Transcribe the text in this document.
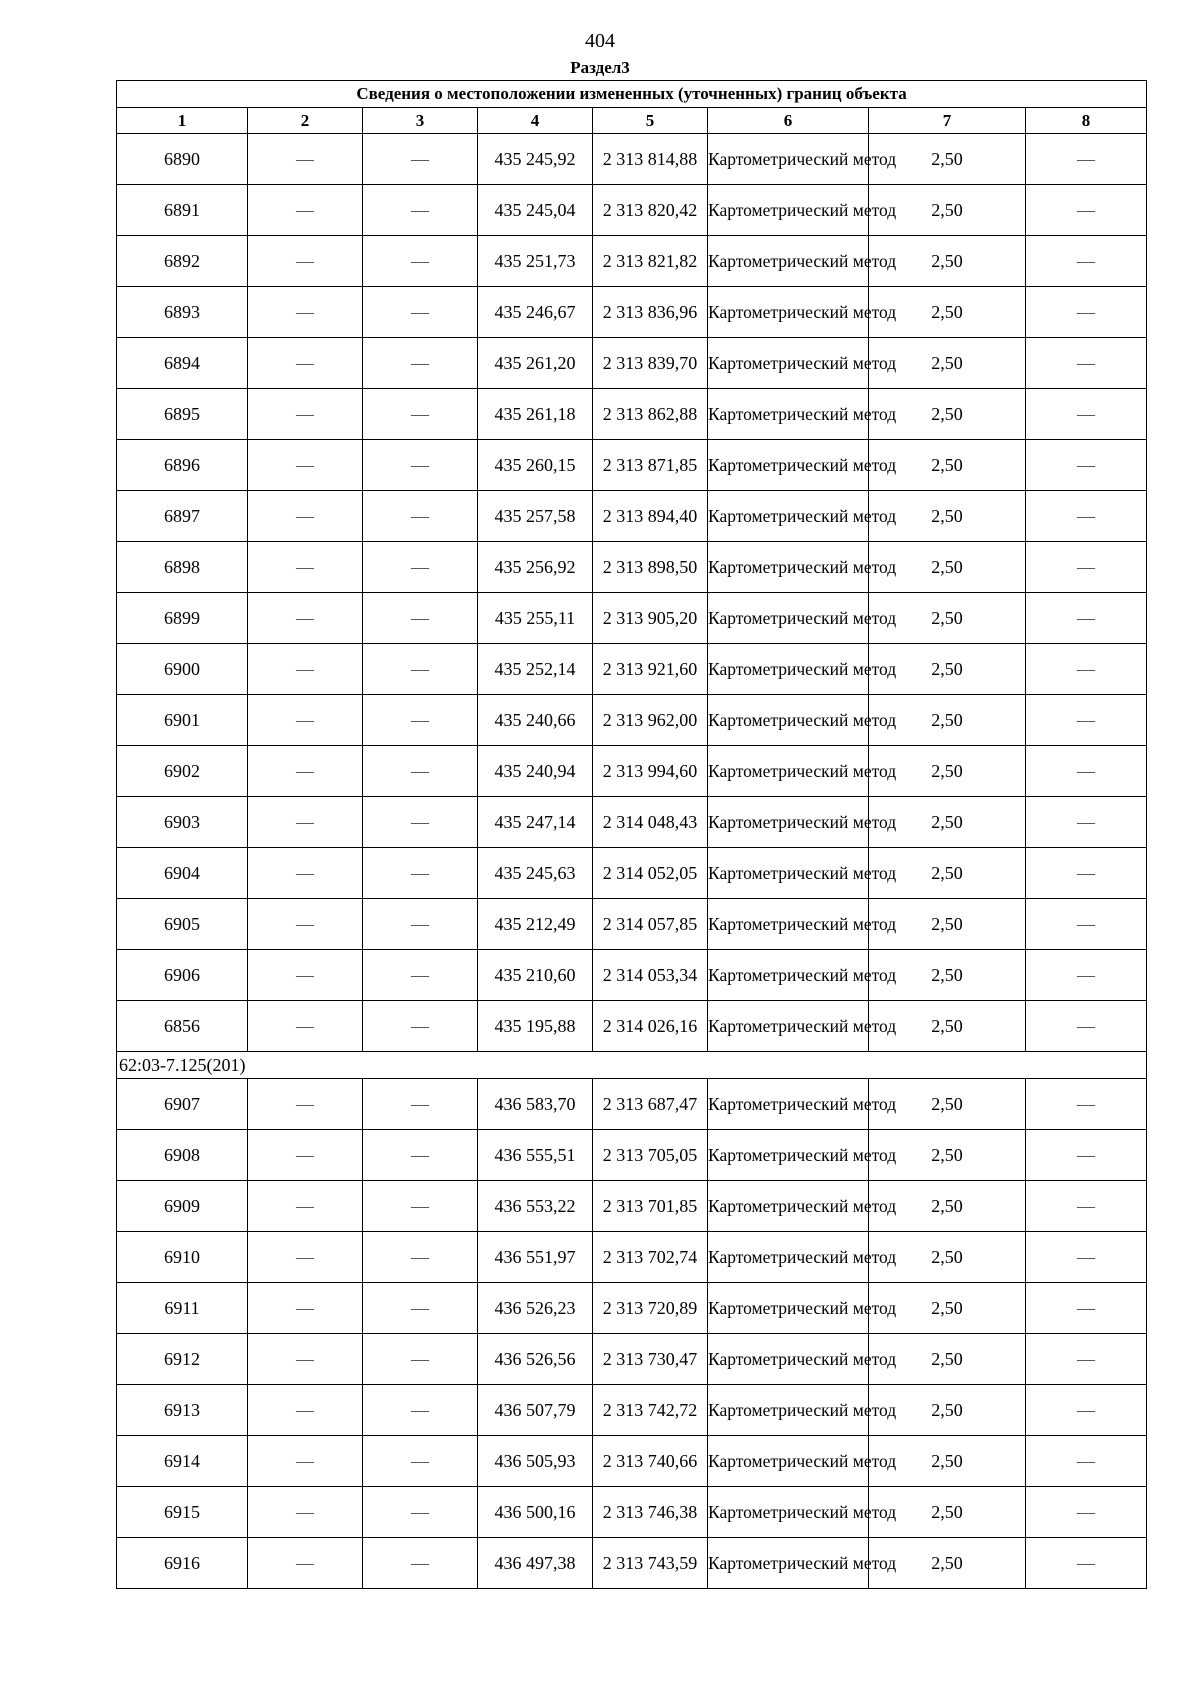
404
Раздел3
Сведения о местоположении измененных (уточненных) границ объекта							
1	2	3	4	5	6	7	8
6890	—	—	435 245,92	2 313 814,88	Картометрический метод	2,50	—
6891	—	—	435 245,04	2 313 820,42	Картометрический метод	2,50	—
6892	—	—	435 251,73	2 313 821,82	Картометрический метод	2,50	—
6893	—	—	435 246,67	2 313 836,96	Картометрический метод	2,50	—
6894	—	—	435 261,20	2 313 839,70	Картометрический метод	2,50	—
6895	—	—	435 261,18	2 313 862,88	Картометрический метод	2,50	—
6896	—	—	435 260,15	2 313 871,85	Картометрический метод	2,50	—
6897	—	—	435 257,58	2 313 894,40	Картометрический метод	2,50	—
6898	—	—	435 256,92	2 313 898,50	Картометрический метод	2,50	—
6899	—	—	435 255,11	2 313 905,20	Картометрический метод	2,50	—
6900	—	—	435 252,14	2 313 921,60	Картометрический метод	2,50	—
6901	—	—	435 240,66	2 313 962,00	Картометрический метод	2,50	—
6902	—	—	435 240,94	2 313 994,60	Картометрический метод	2,50	—
6903	—	—	435 247,14	2 314 048,43	Картометрический метод	2,50	—
6904	—	—	435 245,63	2 314 052,05	Картометрический метод	2,50	—
6905	—	—	435 212,49	2 314 057,85	Картометрический метод	2,50	—
6906	—	—	435 210,60	2 314 053,34	Картометрический метод	2,50	—
6856	—	—	435 195,88	2 314 026,16	Картометрический метод	2,50	—
62:03-7.125(201)							
6907	—	—	436 583,70	2 313 687,47	Картометрический метод	2,50	—
6908	—	—	436 555,51	2 313 705,05	Картометрический метод	2,50	—
6909	—	—	436 553,22	2 313 701,85	Картометрический метод	2,50	—
6910	—	—	436 551,97	2 313 702,74	Картометрический метод	2,50	—
6911	—	—	436 526,23	2 313 720,89	Картометрический метод	2,50	—
6912	—	—	436 526,56	2 313 730,47	Картометрический метод	2,50	—
6913	—	—	436 507,79	2 313 742,72	Картометрический метод	2,50	—
6914	—	—	436 505,93	2 313 740,66	Картометрический метод	2,50	—
6915	—	—	436 500,16	2 313 746,38	Картометрический метод	2,50	—
6916	—	—	436 497,38	2 313 743,59	Картометрический метод	2,50	—
